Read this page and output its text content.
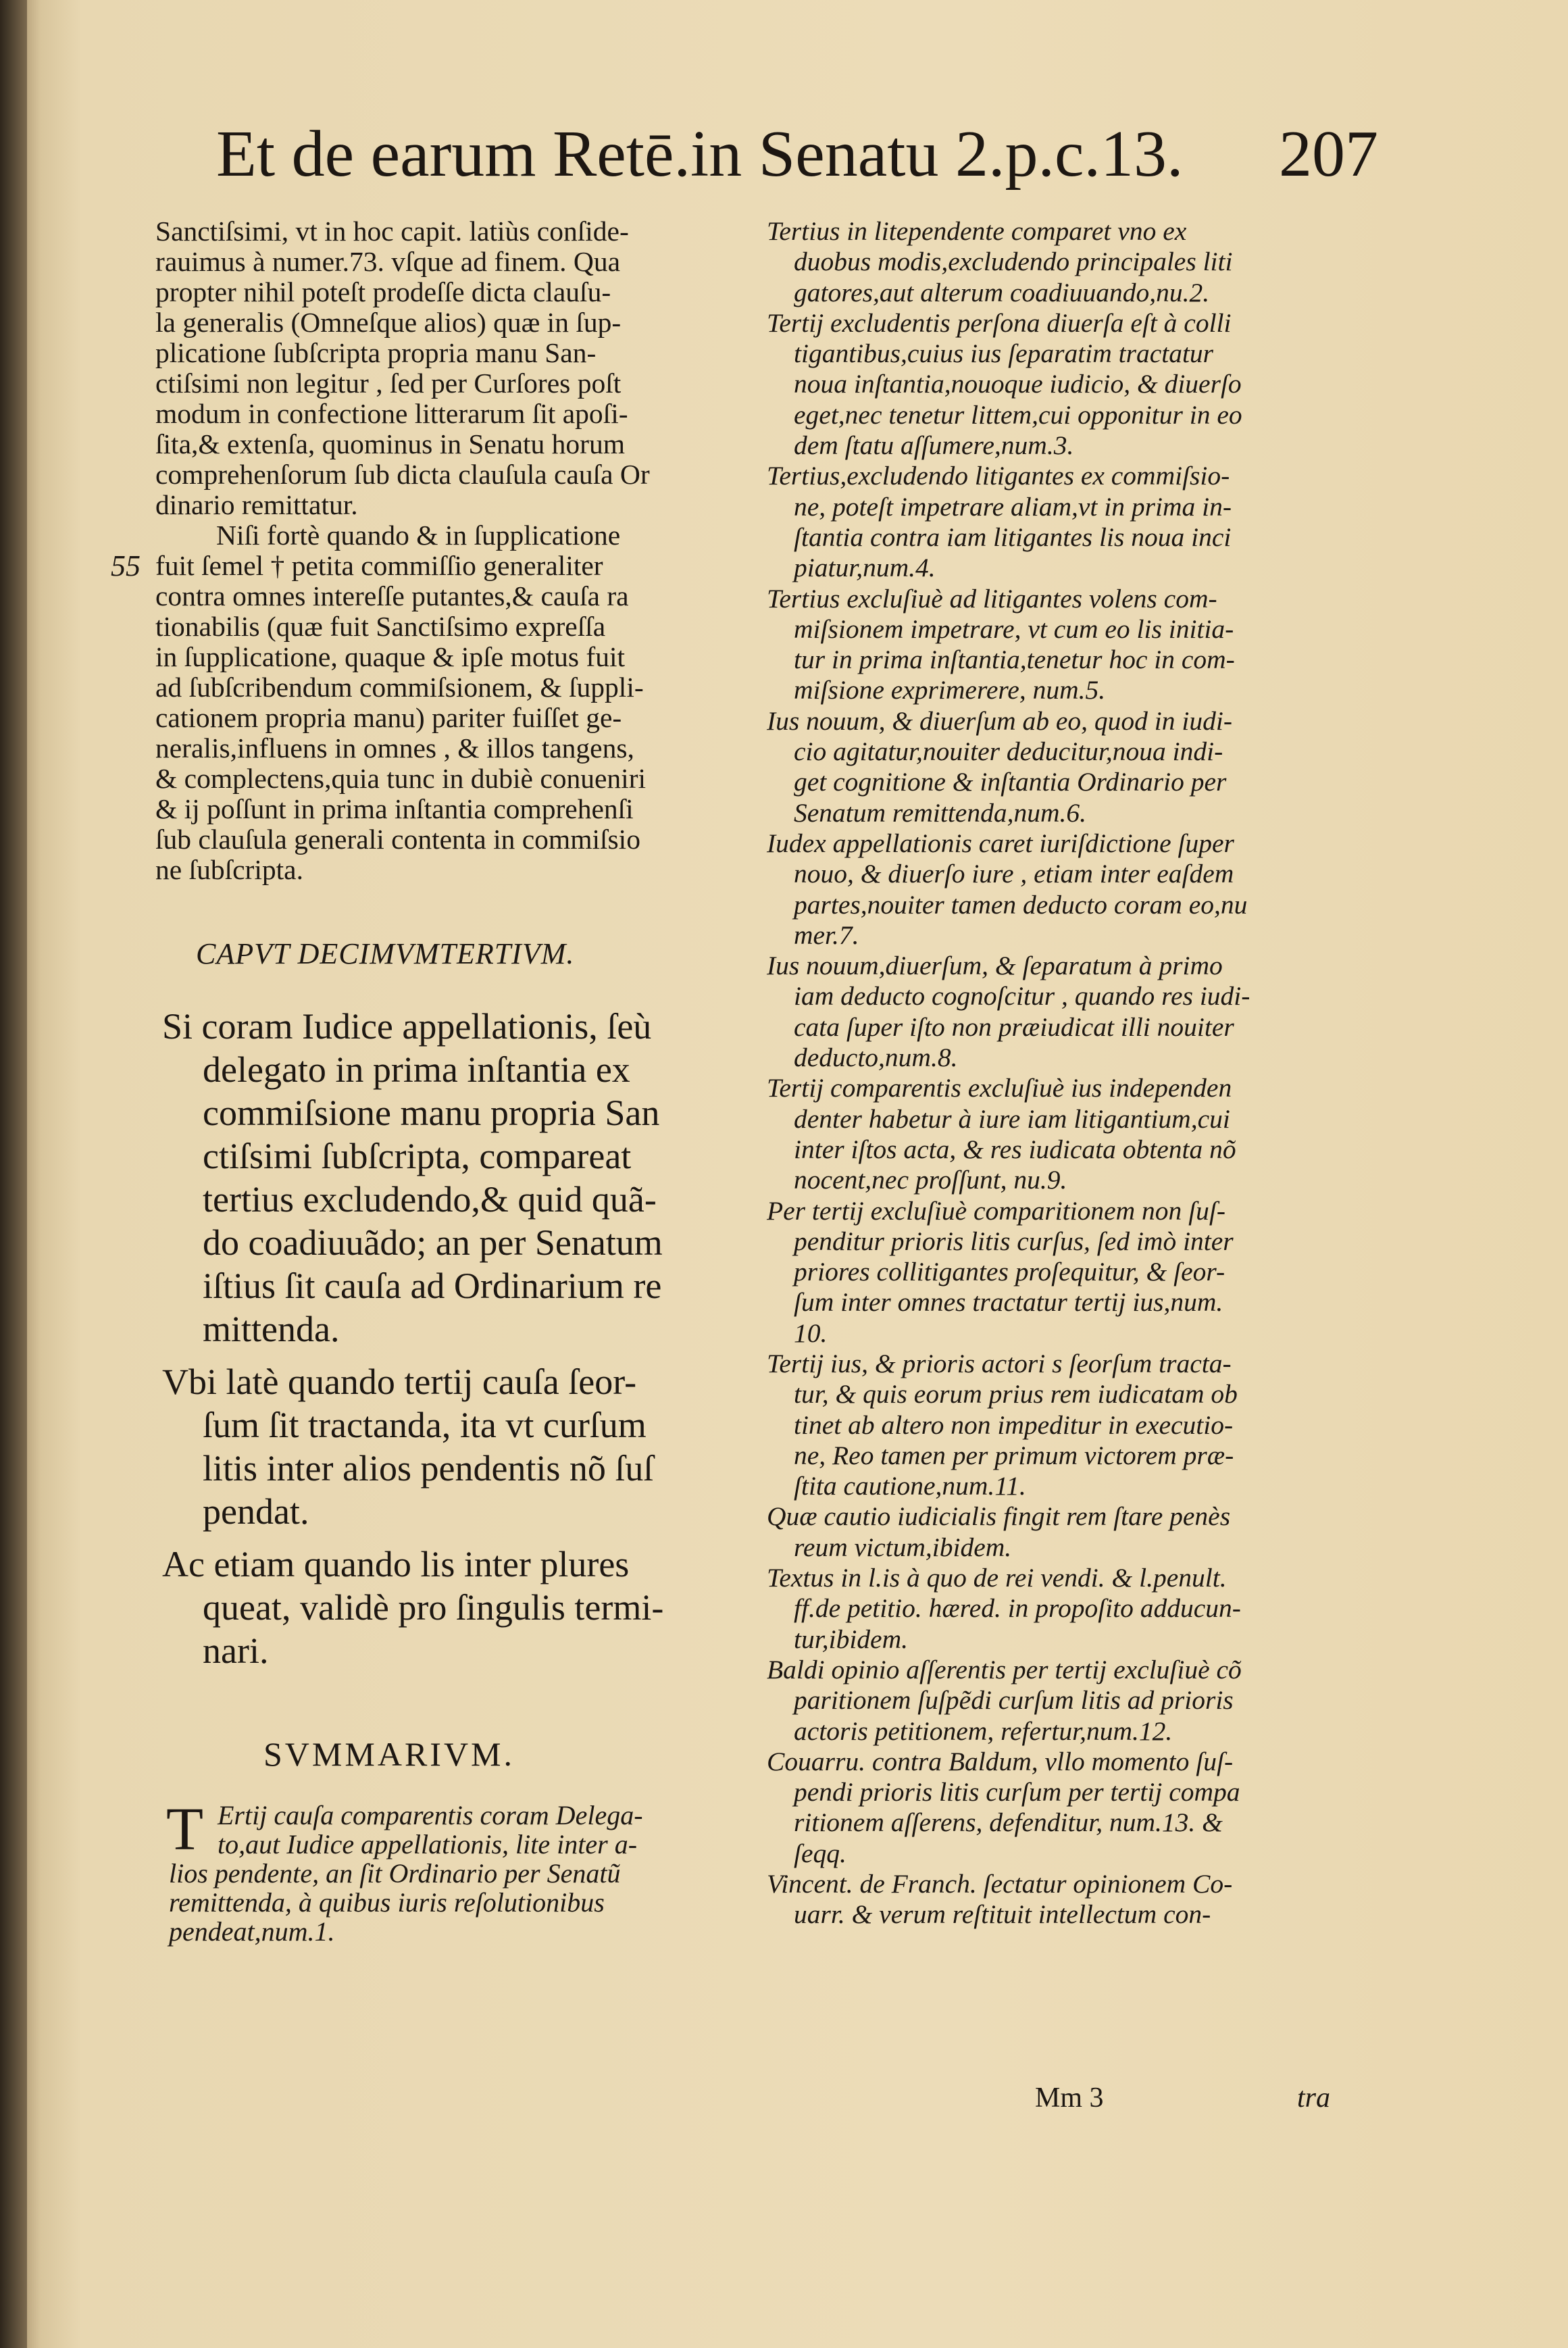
Et de earum Retē.in Senatu 2.p.c.13. 207
Sanctiſsimi, vt in hoc capit. latiùs conſide-
rauimus à numer.73. vſque ad finem. Qua
propter nihil poteſt prodeſſe dicta clauſu-
la generalis (Omneſque alios) quæ in ſup-
plicatione ſubſcripta propria manu San-
ctiſsimi non legitur , ſed per Curſores poſt
modum in confectione litterarum ſit apoſi-
ſita,& extenſa, quominus in Senatu horum
comprehenſorum ſub dicta clauſula cauſa Or
dinario remittatur.
55
Niſi fortè quando & in ſupplicatione
fuit ſemel † petita commiſſio generaliter
contra omnes intereſſe putantes,& cauſa ra
tionabilis (quæ fuit Sanctiſsimo expreſſa
in ſupplicatione, quaque & ipſe motus fuit
ad ſubſcribendum commiſsionem, & ſuppli-
cationem propria manu) pariter fuiſſet ge-
neralis,influens in omnes , & illos tangens,
& complectens,quia tunc in dubiè conueniri
& ij poſſunt in prima inſtantia comprehenſi
ſub clauſula generali contenta in commiſsio
ne ſubſcripta.
CAPVT DECIMVMTERTIVM.
Si coram Iudice appellationis, ſeù
delegato in prima inſtantia ex
commiſsione manu propria San
ctiſsimi ſubſcripta, compareat
tertius excludendo,& quid quã-
do coadiuuãdo; an per Senatum
iſtius ſit cauſa ad Ordinarium re
mittenda.
Vbi latè quando tertij cauſa ſeor-
ſum ſit tractanda, ita vt curſum
litis inter alios pendentis nõ ſuſ
pendat.
Ac etiam quando lis inter plures
queat, validè pro ſingulis termi-
nari.
SVMMARIVM.
T Ertij cauſa comparentis coram Delega-
to,aut Iudice appellationis, lite inter a-
lios pendente, an ſit Ordinario per Senatũ
remittenda, à quibus iuris reſolutionibus
pendeat,num.1.
Tertius in litependente comparet vno ex
duobus modis,excludendo principales liti
gatores,aut alterum coadiuuando,nu.2.
Tertij excludentis perſona diuerſa eſt à colli
tigantibus,cuius ius ſeparatim tractatur
noua inſtantia,nouoque iudicio, & diuerſo
eget,nec tenetur littem,cui opponitur in eo
dem ſtatu aſſumere,num.3.
Tertius,excludendo litigantes ex commiſsio-
ne, poteſt impetrare aliam,vt in prima in-
ſtantia contra iam litigantes lis noua inci
piatur,num.4.
Tertius excluſiuè ad litigantes volens com-
miſsionem impetrare, vt cum eo lis initia-
tur in prima inſtantia,tenetur hoc in com-
miſsione exprimerere, num.5.
Ius nouum, & diuerſum ab eo, quod in iudi-
cio agitatur,nouiter deducitur,noua indi-
get cognitione & inſtantia Ordinario per
Senatum remittenda,num.6.
Iudex appellationis caret iuriſdictione ſuper
nouo, & diuerſo iure , etiam inter eaſdem
partes,nouiter tamen deducto coram eo,nu
mer.7.
Ius nouum,diuerſum, & ſeparatum à primo
iam deducto cognoſcitur , quando res iudi-
cata ſuper iſto non præiudicat illi nouiter
deducto,num.8.
Tertij comparentis excluſiuè ius independen
denter habetur à iure iam litigantium,cui
inter iſtos acta, & res iudicata obtenta nõ
nocent,nec proſſunt, nu.9.
Per tertij excluſiuè comparitionem non ſuſ-
penditur prioris litis curſus, ſed imò inter
priores collitigantes proſequitur, & ſeor-
ſum inter omnes tractatur tertij ius,num.
10.
Tertij ius, & prioris actori s ſeorſum tracta-
tur, & quis eorum prius rem iudicatam ob
tinet ab altero non impeditur in executio-
ne, Reo tamen per primum victorem præ-
ſtita cautione,num.11.
Quæ cautio iudicialis fingit rem ſtare penès
reum victum,ibidem.
Textus in l.is à quo de rei vendi. & l.penult.
ff.de petitio. hæred. in propoſito adducun-
tur,ibidem.
Baldi opinio aſſerentis per tertij excluſiuè cõ
paritionem ſuſpẽdi curſum litis ad prioris
actoris petitionem, refertur,num.12.
Couarru. contra Baldum, vllo momento ſuſ-
pendi prioris litis curſum per tertij compa
ritionem aſſerens, defenditur, num.13. &
ſeqq.
Vincent. de Franch. ſectatur opinionem Co-
uarr. & verum reſtituit intellectum con-
Mm 3	tra
